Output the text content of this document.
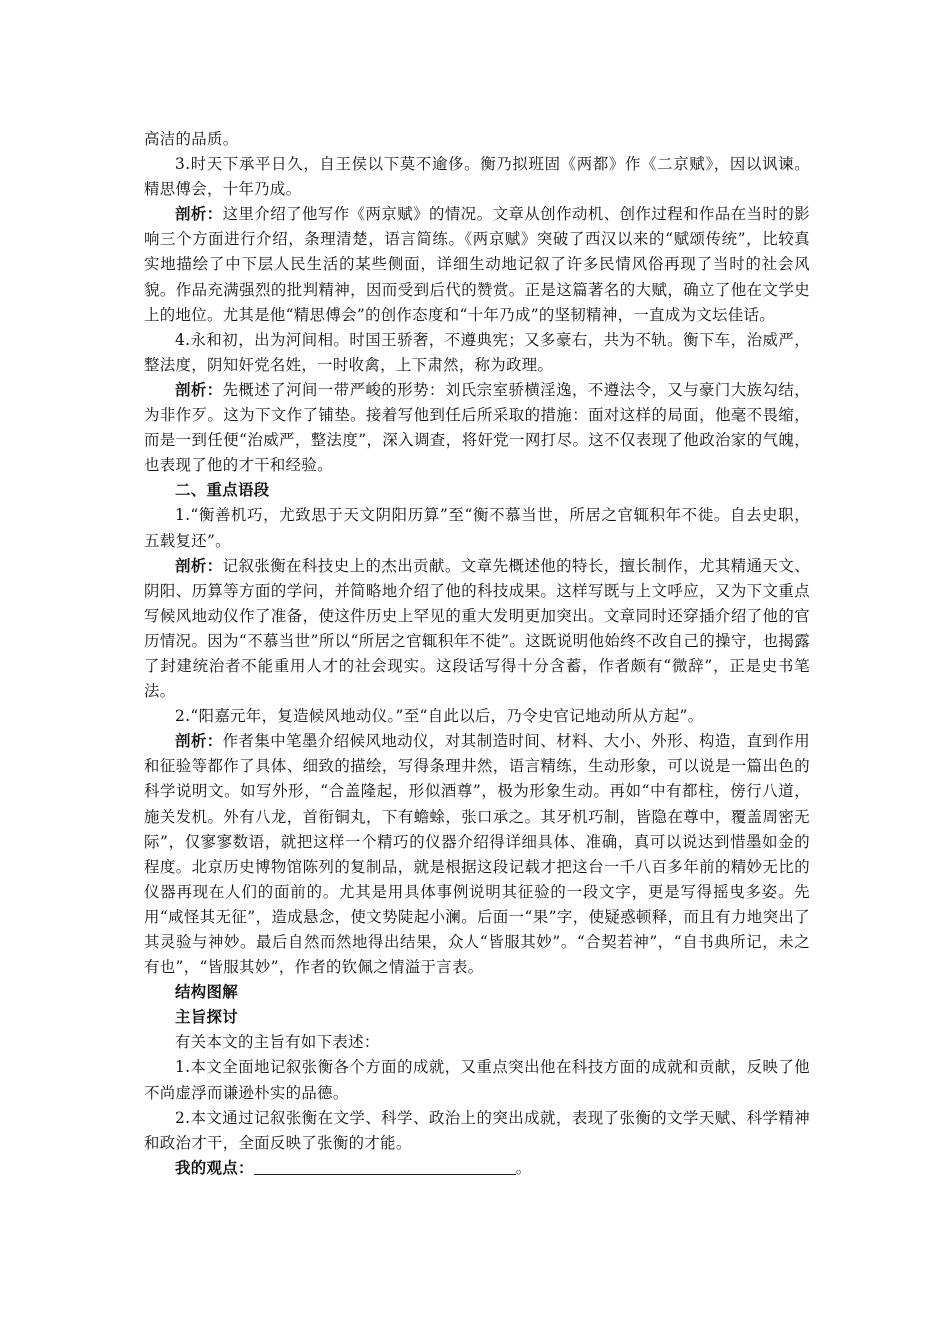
高洁的品质。

3.时天下承平日久，自王侯以下莫不逾侈。衡乃拟班固《两都》作《二京赋》，因以讽谏。精思傅会，十年乃成。

剖析：这里介绍了他写作《两京赋》的情况。文章从创作动机、创作过程和作品在当时的影响三个方面进行介绍，条理清楚，语言简练。《两京赋》突破了西汉以来的“赋颂传统”，比较真实地描绘了中下层人民生活的某些侧面，详细生动地记叙了许多民情风俗再现了当时的社会风貌。作品充满强烈的批判精神，因而受到后代的赞赏。正是这篇著名的大赋，确立了他在文学史上的地位。尤其是他“精思傅会”的创作态度和“十年乃成”的坚韧精神，一直成为文坛佳话。

4.永和初，出为河间相。时国王骄奢，不遵典宪；又多豪右，共为不轨。衡下车，治威严，整法度，阴知奸党名姓，一时收禽，上下肃然，称为政理。

剖析：先概述了河间一带严峻的形势：刘氏宗室骄横淫逸，不遵法令，又与豪门大族勾结，为非作歹。这为下文作了铺垫。接着写他到任后所采取的措施：面对这样的局面，他毫不畏缩，而是一到任便“治威严，整法度”，深入调查，将奸党一网打尽。这不仅表现了他政治家的气魄，也表现了他的才干和经验。

二、重点语段

1.“衡善机巧，尤致思于天文阴阳历算”至“衡不慕当世，所居之官辄积年不徙。自去史职，五载复还”。

剖析：记叙张衡在科技史上的杰出贡献。文章先概述他的特长，擅长制作，尤其精通天文、阴阳、历算等方面的学问，并简略地介绍了他的科技成果。这样写既与上文呼应，又为下文重点写候风地动仪作了准备，使这件历史上罕见的重大发明更加突出。文章同时还穿插介绍了他的官历情况。因为“不慕当世”所以“所居之官辄积年不徙”。这既说明他始终不改自己的操守，也揭露了封建统治者不能重用人才的社会现实。这段话写得十分含蓄，作者颇有“微辞”，正是史书笔法。

2.“阳嘉元年，复造候风地动仪。”至“自此以后，乃令史官记地动所从方起”。

剖析：作者集中笔墨介绍候风地动仪，对其制造时间、材料、大小、外形、构造，直到作用和征验等都作了具体、细致的描绘，写得条理井然，语言精练，生动形象，可以说是一篇出色的科学说明文。如写外形，“合盖隆起，形似酒尊”，极为形象生动。再如“中有都柱，傍行八道，施关发机。外有八龙，首衔铜丸，下有蟾蜍，张口承之。其牙机巧制，皆隐在尊中，覆盖周密无际”，仅寥寥数语，就把这样一个精巧的仪器介绍得详细具体、准确，真可以说达到惜墨如金的程度。北京历史博物馆陈列的复制品，就是根据这段记载才把这台一千八百多年前的精妙无比的仪器再现在人们的面前的。尤其是用具体事例说明其征验的一段文字，更是写得摇曳多姿。先用“咸怪其无征”，造成悬念，使文势陡起小澜。后面一“果”字，使疑惑顿释，而且有力地突出了其灵验与神妙。最后自然而然地得出结果，众人“皆服其妙”。“合契若神”，“自书典所记，未之有也”，“皆服其妙”，作者的钦佩之情溢于言表。

结构图解

主旨探讨

有关本文的主旨有如下表述：

1.本文全面地记叙张衡各个方面的成就，又重点突出他在科技方面的成就和贡献，反映了他不尚虚浮而谦逊朴实的品德。

2.本文通过记叙张衡在文学、科学、政治上的突出成就，表现了张衡的文学天赋、科学精神和政治才干，全面反映了张衡的才能。

我的观点：	。
